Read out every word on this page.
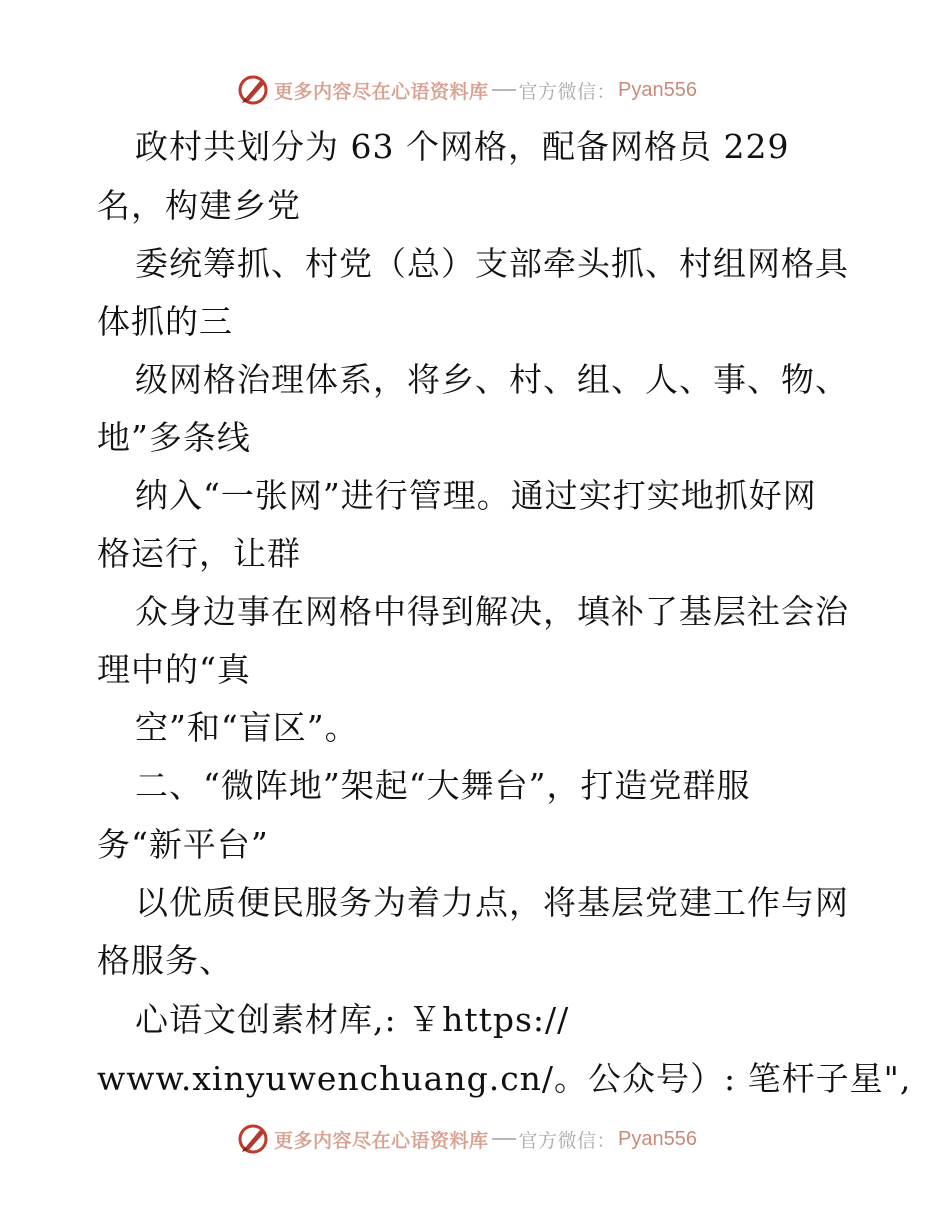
更多内容尽在心语资料库 官方微信： Pyan556
政村共划分为 63 个网格，配备网格员 229
名，构建乡党
委统筹抓、村党（总）支部牵头抓、村组网格具
体抓的三
级网格治理体系，将乡、村、组、人、事、物、
地”多条线
纳入“一张网”进行管理。通过实打实地抓好网
格运行，让群
众身边事在网格中得到解决，填补了基层社会治
理中的“真
空”和“盲区”。
二、“微阵地”架起“大舞台”，打造党群服
务“新平台”
以优质便民服务为着力点，将基层党建工作与网
格服务、
心语文创素材库,: ￥https://
www.xinyuwenchuang.cn/。公众号）: 笔杆子星",
更多内容尽在心语资料库 官方微信： Pyan556
